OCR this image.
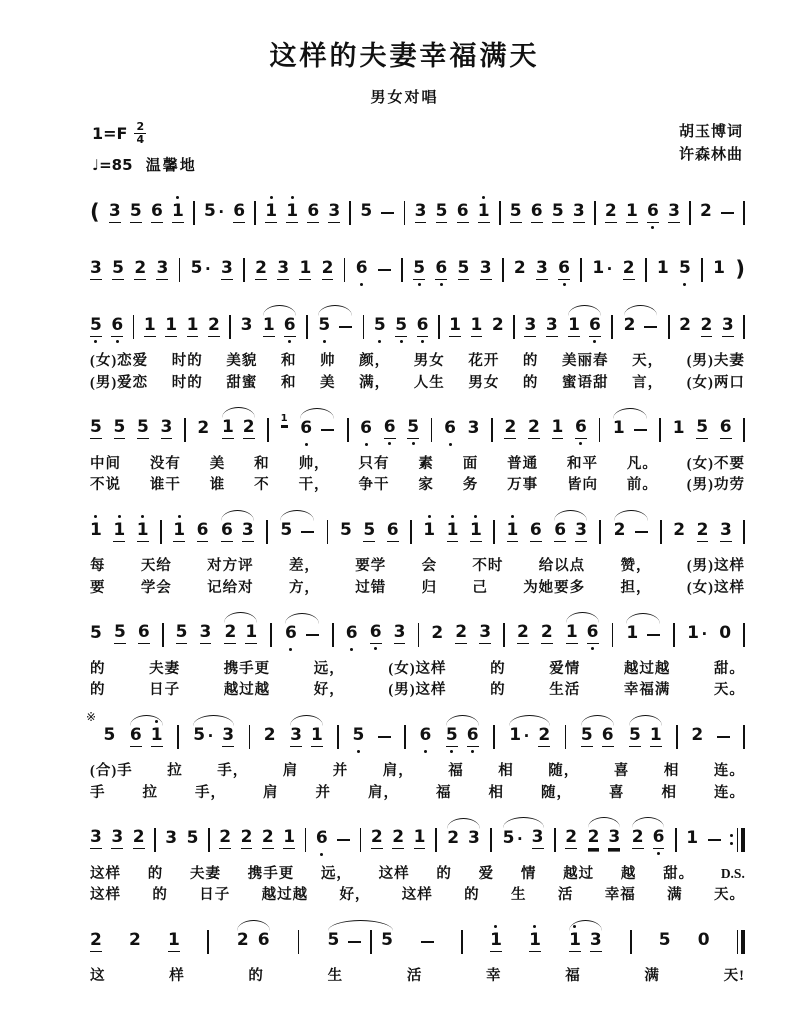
这样的夫妻幸福满天
男女对唱
$1=F \frac{2}{4}$
♩=85 温馨地
胡玉博词
许森林曲
( 3 5 6 1 5 · 6 1 1 6 3 5 3 5 6 1 5 6 5 3 2 1 6 3 2
3 5 2 3 5 · 3 2 3 1 2 6	5 6 5 3 2 3 6 1 · 2 1 5 1 )
5 6 1 1 1 2 3 1 6 5	5 5 6 1 1 2 3 3 1 6 2	2 2 3
(女)恋爱 时的 美貌 和 帅 颜， 男女 花开 的 美丽春 天， (男)夫妻
(男)爱恋 时的 甜蜜 和 美 满， 人生 男女 的 蜜语甜 言， (女)两口
5 5 5 3 2 1 2	1 6	6 6 5 6 3 2 2 1 6 1	1 5 6
中间 没有 美 和 帅， 只有 素 面 普通 和平 凡。 (女)不要
不说 谁干 谁 不 干， 争干 家 务 万事 皆向 前。 (男)功劳
1 1 1 1 6 6 3 5	5 5 6 1 1 1 1 6 6 3 2	2 2 3
每 天给 对方评 差， 要学 会 不时 给以点 赞， (男)这样
要 学会 记给对 方， 过错 归 己 为她要多 担， (女)这样
5 5 6 5 3 2 1 6	6 6 3 2 2 3 2 2 1 6 1	1 · 0
的	夫妻	携手更	远，	(女)这样	的	爱情	越过越	甜。
的	日子	越过越	好，	(男)这样	的	生活	幸福满	天。
※
5 6 1 5 · 3 2 3 1 5	6 5 6 1 · 2 5 6 5 1 2
(合)手 拉 手， 肩 并 肩， 福 相 随， 喜 相 连。
手	拉	手，	肩	并	肩，	福	相	随，	喜	相	连。
3 3 2 3 5 2 2 2 1 6	2 2 1 2 3 5 · 3 2 2 3 2 6 1
这样 的 夫妻 携手更 远， 这样 的 爱 情 越过 越 甜。 D.S.
这样 的 日子 越过越 好， 这样 的 生 活 幸福 满 天。
2 2 1	2 6	5 5	1 1 1 3	5 0
这	样	的	生	活	幸	福	满	天!
